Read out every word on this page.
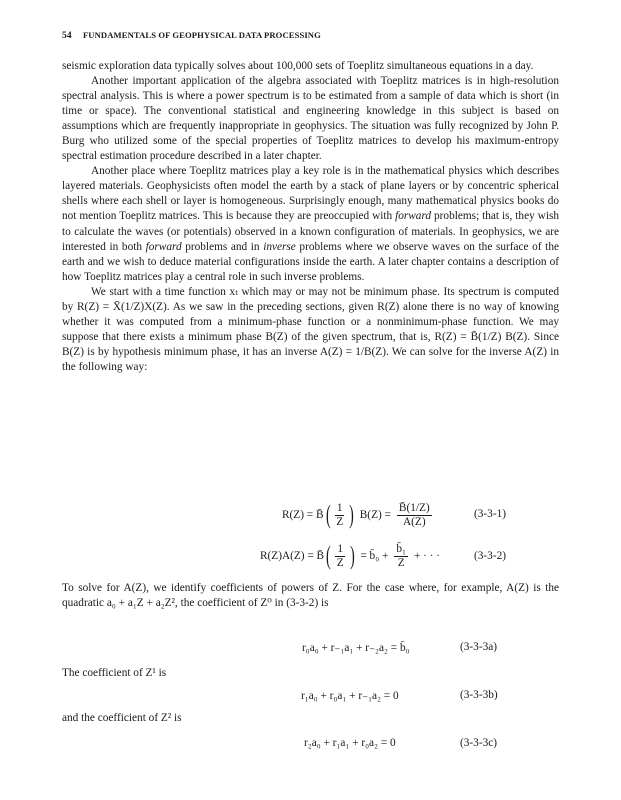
54 FUNDAMENTALS OF GEOPHYSICAL DATA PROCESSING

seismic exploration data typically solves about 100,000 sets of Toeplitz simultaneous equations in a day.

Another important application of the algebra associated with Toeplitz matrices is in high-resolution spectral analysis. This is where a power spectrum is to be estimated from a sample of data which is short (in time or space). The conventional statistical and engineering knowledge in this subject is based on assumptions which are frequently inappropriate in geophysics. The situation was fully recognized by John P. Burg who utilized some of the special properties of Toeplitz matrices to develop his maximum-entropy spectral estimation procedure described in a later chapter.

Another place where Toeplitz matrices play a key role is in the mathematical physics which describes layered materials. Geophysicists often model the earth by a stack of plane layers or by concentric spherical shells where each shell or layer is homogeneous. Surprisingly enough, many mathematical physics books do not mention Toeplitz matrices. This is because they are preoccupied with forward problems; that is, they wish to calculate the waves (or potentials) observed in a known configuration of materials. In geophysics, we are interested in both forward problems and in inverse problems where we observe waves on the surface of the earth and we wish to deduce material configurations inside the earth. A later chapter contains a description of how Toeplitz matrices play a central role in such inverse problems.

We start with a time function xₜ which may or may not be minimum phase. Its spectrum is computed by R(Z) = X̄(1/Z)X(Z). As we saw in the preceding sections, given R(Z) alone there is no way of knowing whether it was computed from a minimum-phase function or a nonminimum-phase function. We may suppose that there exists a minimum phase B(Z) of the given spectrum, that is, R(Z) = B̄(1/Z) B(Z). Since B(Z) is by hypothesis minimum phase, it has an inverse A(Z) = 1/B(Z). We can solve for the inverse A(Z) in the following way:

R(Z) = B̄ ( $\frac{1}{Z}$ ) $B(Z) = \frac{B̄(1/Z)}{A(Z)}$	(3-3-1)
R(Z)A(Z) = B̄ ( $\frac{1}{Z}$ ) = b̄₀ + $\frac{\text{b̄₁}}{Z}$ + · · ·	(3-3-2)
To solve for A(Z), we identify coefficients of powers of Z. For the case where, for example, A(Z) is the quadratic a₀ + a₁Z + a₂Z², the coefficient of Z⁰ in (3-3-2) is
r₀a₀ + r₋₁a₁ + r₋₂a₂ = b̄₀	(3-3-3a)
The coefficient of Z¹ is
r₁a₀ + r₀a₁ + r₋₁a₂ = 0	(3-3-3b)
and the coefficient of Z² is
r₂a₀ + r₁a₁ + r₀a₂ = 0	(3-3-3c)
